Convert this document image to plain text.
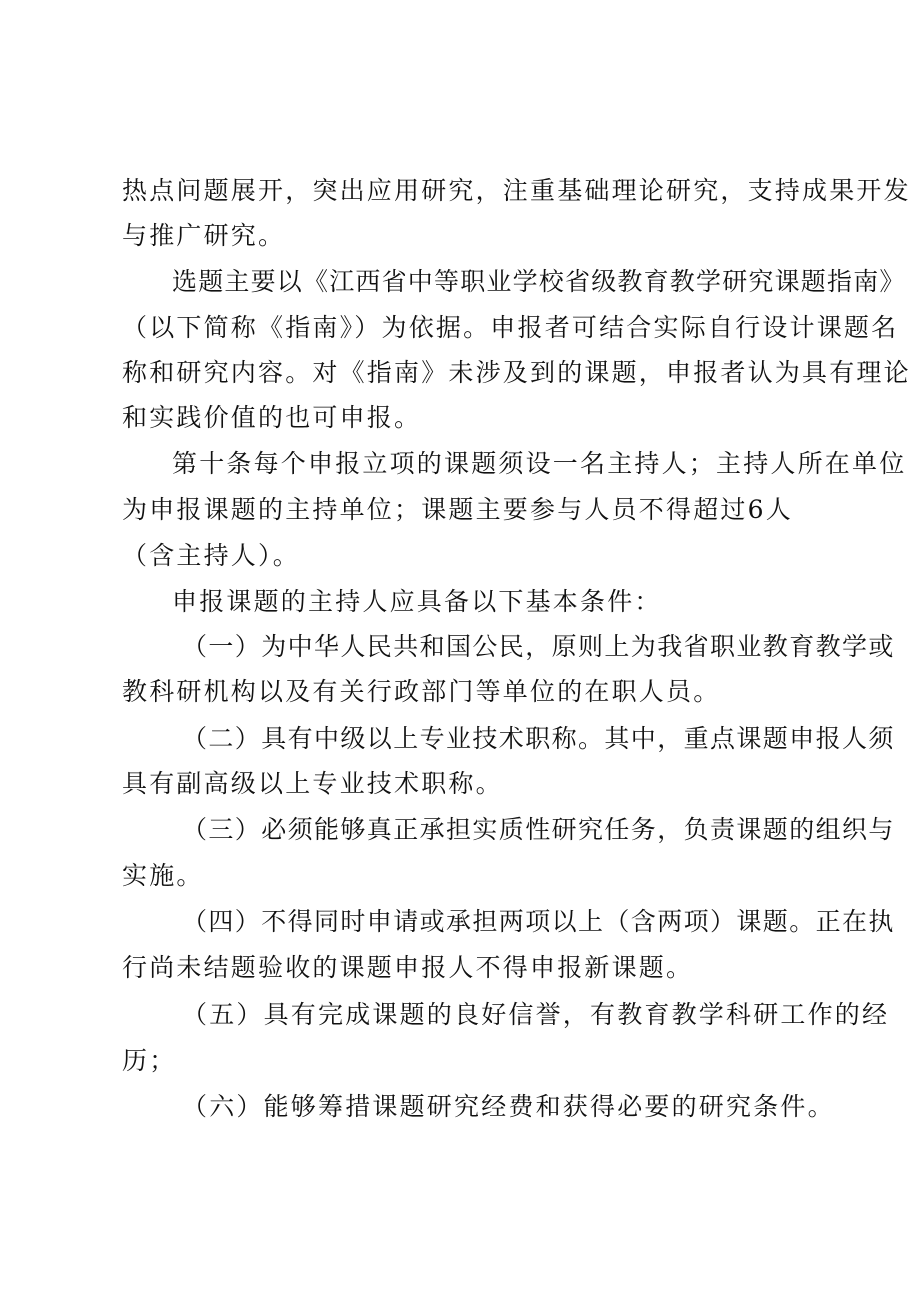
热点问题展开，突出应用研究，注重基础理论研究，支持成果开发
与推广研究。
选题主要以《江西省中等职业学校省级教育教学研究课题指南》
（以下简称《指南》）为依据。申报者可结合实际自行设计课题名
称和研究内容。对《指南》未涉及到的课题，申报者认为具有理论
和实践价值的也可申报。
第十条每个申报立项的课题须设一名主持人；主持人所在单位
为申报课题的主持单位；课题主要参与人员不得超过6人
（含主持人）。
申报课题的主持人应具备以下基本条件：
（一）为中华人民共和国公民，原则上为我省职业教育教学或
教科研机构以及有关行政部门等单位的在职人员。
（二）具有中级以上专业技术职称。其中，重点课题申报人须
具有副高级以上专业技术职称。
（三）必须能够真正承担实质性研究任务，负责课题的组织与
实施。
（四）不得同时申请或承担两项以上（含两项）课题。正在执
行尚未结题验收的课题申报人不得申报新课题。
（五）具有完成课题的良好信誉，有教育教学科研工作的经
历；
（六）能够筹措课题研究经费和获得必要的研究条件。
